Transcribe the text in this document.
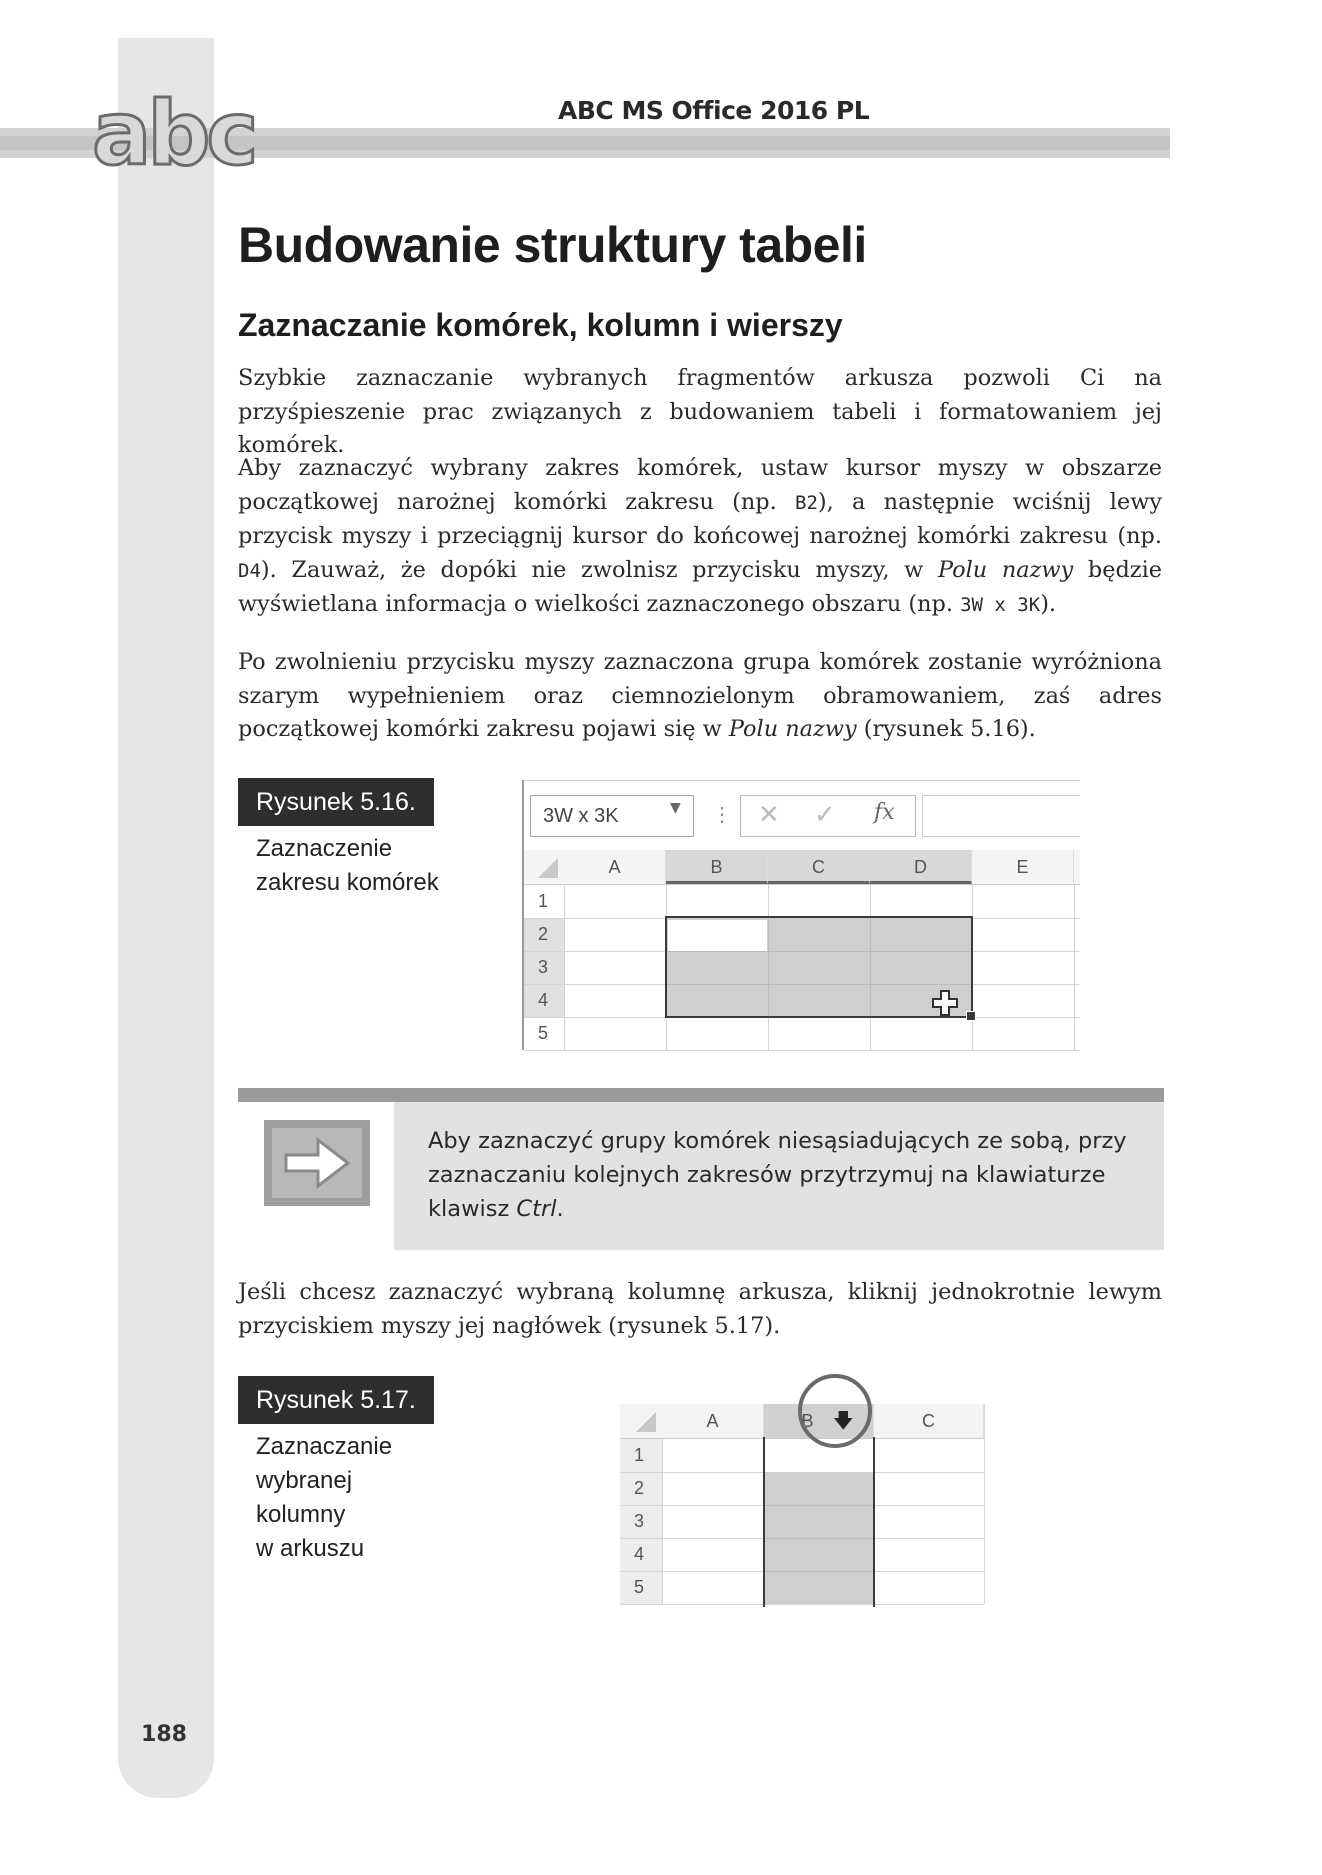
abc	ABC MS Office 2016 PL
Budowanie struktury tabeli
Zaznaczanie komórek, kolumn i wierszy

Szybkie zaznaczanie wybranych fragmentów arkusza pozwoli Ci na przyśpieszenie prac związanych z budowaniem tabeli i formatowaniem jej komórek.

Aby zaznaczyć wybrany zakres komórek, ustaw kursor myszy w obszarze początkowej narożnej komórki zakresu (np. B2), a następnie wciśnij lewy przycisk myszy i przeciągnij kursor do końcowej narożnej komórki zakresu (np. D4). Zauważ, że dopóki nie zwolnisz przycisku myszy, w Polu nazwy będzie wyświetlana informacja o wielkości zaznaczonego obszaru (np. 3W x 3K).

Po zwolnieniu przycisku myszy zaznaczona grupa komórek zostanie wyróżniona szarym wypełnieniem oraz ciemnozielonym obramowaniem, zaś adres początkowej komórki zakresu pojawi się w Polu nazwy (rysunek 5.16).

Rysunek 5.16.
Zaznaczenie
zakresu komórek
3W x 3K	▼ ⋮ ✕ ✓ fx
A	B	C	D	E
1
2
3
4
5

Aby zaznaczyć grupy komórek niesąsiadujących ze sobą, przy zaznaczaniu kolejnych zakresów przytrzymuj na klawiaturze klawisz Ctrl.

Jeśli chcesz zaznaczyć wybraną kolumnę arkusza, kliknij jednokrotnie lewym przyciskiem myszy jej nagłówek (rysunek 5.17).

Rysunek 5.17.
Zaznaczanie
wybranej
kolumny
w arkuszu
A	B 🡇	C
1
2
3
4
5
188
